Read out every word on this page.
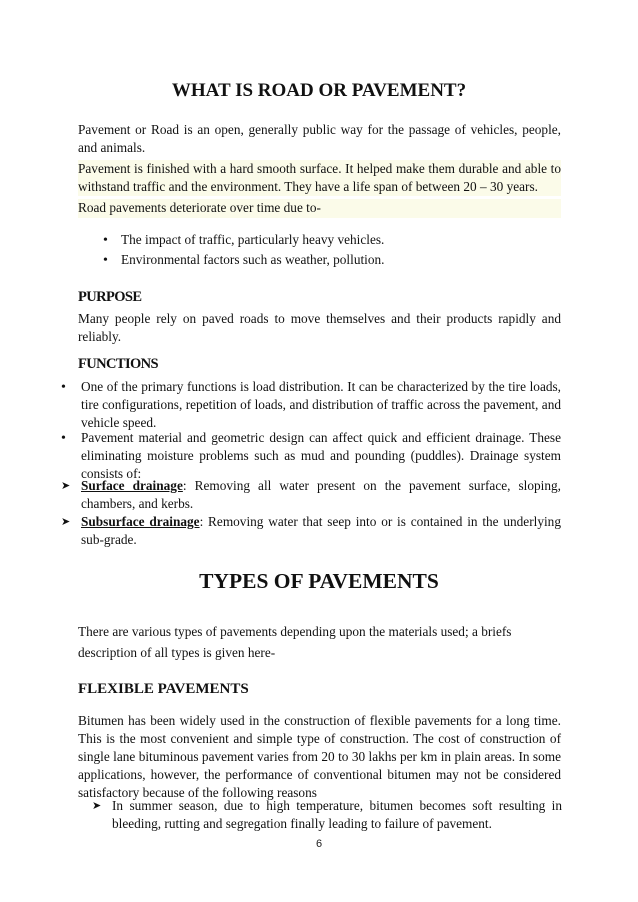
WHAT IS ROAD OR PAVEMENT?

Pavement or Road is an open, generally public way for the passage of vehicles, people, and animals.

Pavement is finished with a hard smooth surface. It helped make them durable and able to withstand traffic and the environment. They have a life span of between 20 – 30 years.

Road pavements deteriorate over time due to-

•
The impact of traffic, particularly heavy vehicles.
•
Environmental factors such as weather, pollution.
PURPOSE

Many people rely on paved roads to move themselves and their products rapidly and reliably.

FUNCTIONS
•
One of the primary functions is load distribution. It can be characterized by the tire loads, tire configurations, repetition of loads, and distribution of traffic across the pavement, and vehicle speed.
•
Pavement material and geometric design can affect quick and efficient drainage. These eliminating moisture problems such as mud and pounding (puddles). Drainage system consists of:
➤ Surface drainage: Removing all water present on the pavement surface, sloping, chambers, and kerbs.
➤ Subsurface drainage: Removing water that seep into or is contained in the underlying sub-grade.
TYPES OF PAVEMENTS

There are various types of pavements depending upon the materials used; a briefs description of all types is given here-

FLEXIBLE PAVEMENTS

Bitumen has been widely used in the construction of flexible pavements for a long time. This is the most convenient and simple type of construction. The cost of construction of single lane bituminous pavement varies from 20 to 30 lakhs per km in plain areas. In some applications, however, the performance of conventional bitumen may not be considered satisfactory because of the following reasons

➤ In summer season, due to high temperature, bitumen becomes soft resulting in bleeding, rutting and segregation finally leading to failure of pavement.
6
